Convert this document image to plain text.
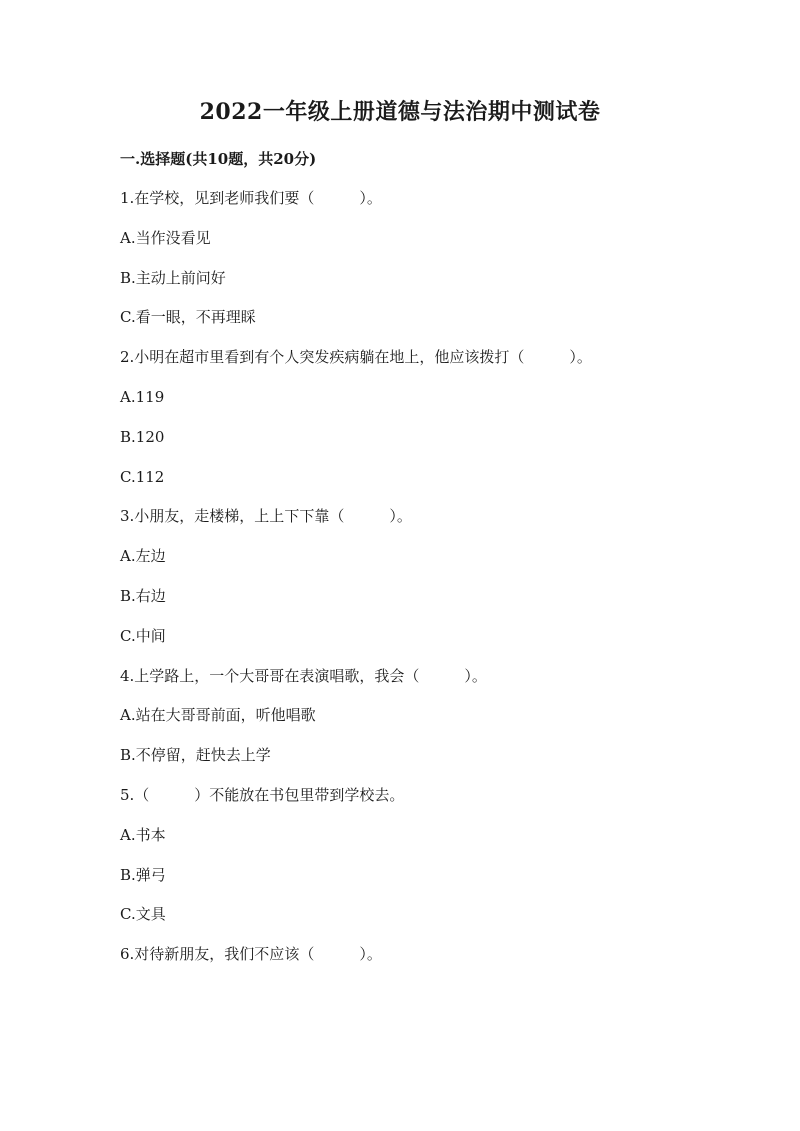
2022一年级上册道德与法治期中测试卷
一.选择题(共10题，共20分)
1.在学校，见到老师我们要（　　　）。
A.当作没看见
B.主动上前问好
C.看一眼，不再理睬
2.小明在超市里看到有个人突发疾病躺在地上，他应该拨打（　　　）。
A.119
B.120
C.112
3.小朋友，走楼梯，上上下下靠（　　　）。
A.左边
B.右边
C.中间
4.上学路上，一个大哥哥在表演唱歌，我会（　　　）。
A.站在大哥哥前面，听他唱歌
B.不停留，赶快去上学
5.（　　　）不能放在书包里带到学校去。
A.书本
B.弹弓
C.文具
6.对待新朋友，我们不应该（　　　）。
